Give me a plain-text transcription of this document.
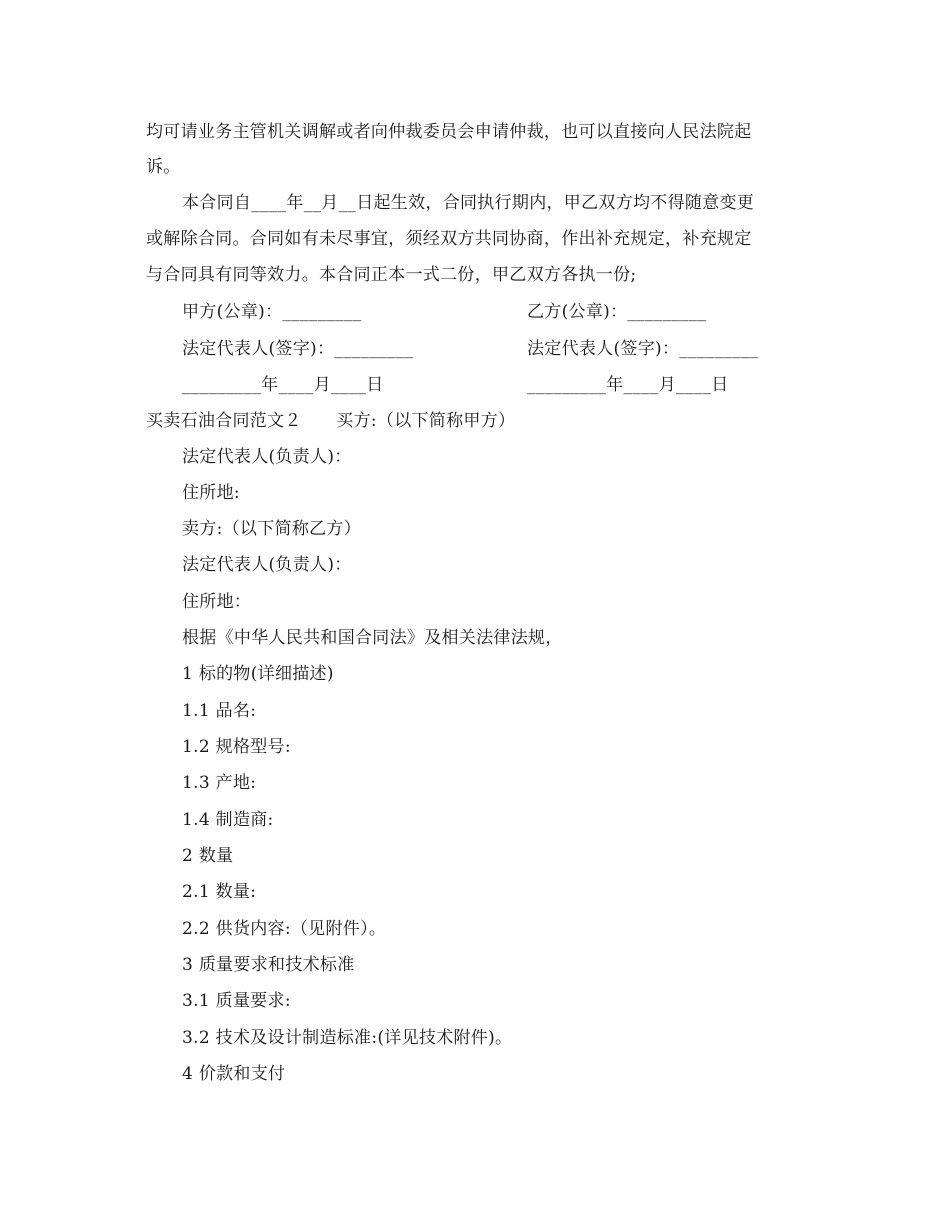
均可请业务主管机关调解或者向仲裁委员会申请仲裁，也可以直接向人民法院起
诉。
本合同自____年__月__日起生效，合同执行期内，甲乙双方均不得随意变更
或解除合同。合同如有未尽事宜，须经双方共同协商，作出补充规定，补充规定
与合同具有同等效力。本合同正本一式二份，甲乙双方各执一份;
甲方(公章)：_________	乙方(公章)：_________
法定代表人(签字)：_________	法定代表人(签字)：_________
_________年____月____日	_________年____月____日
买卖石油合同范文２　　买方:（以下简称甲方）
法定代表人(负责人)：
住所地:
卖方:（以下简称乙方）
法定代表人(负责人)：
住所地：
根据《中华人民共和国合同法》及相关法律法规，
1 标的物(详细描述)
1.1 品名:
1.2 规格型号:
1.3 产地:
1.4 制造商:
2 数量
2.1 数量:
2.2 供货内容:（见附件）。
3 质量要求和技术标准
3.1 质量要求:
3.2 技术及设计制造标准:(详见技术附件)。
4 价款和支付
